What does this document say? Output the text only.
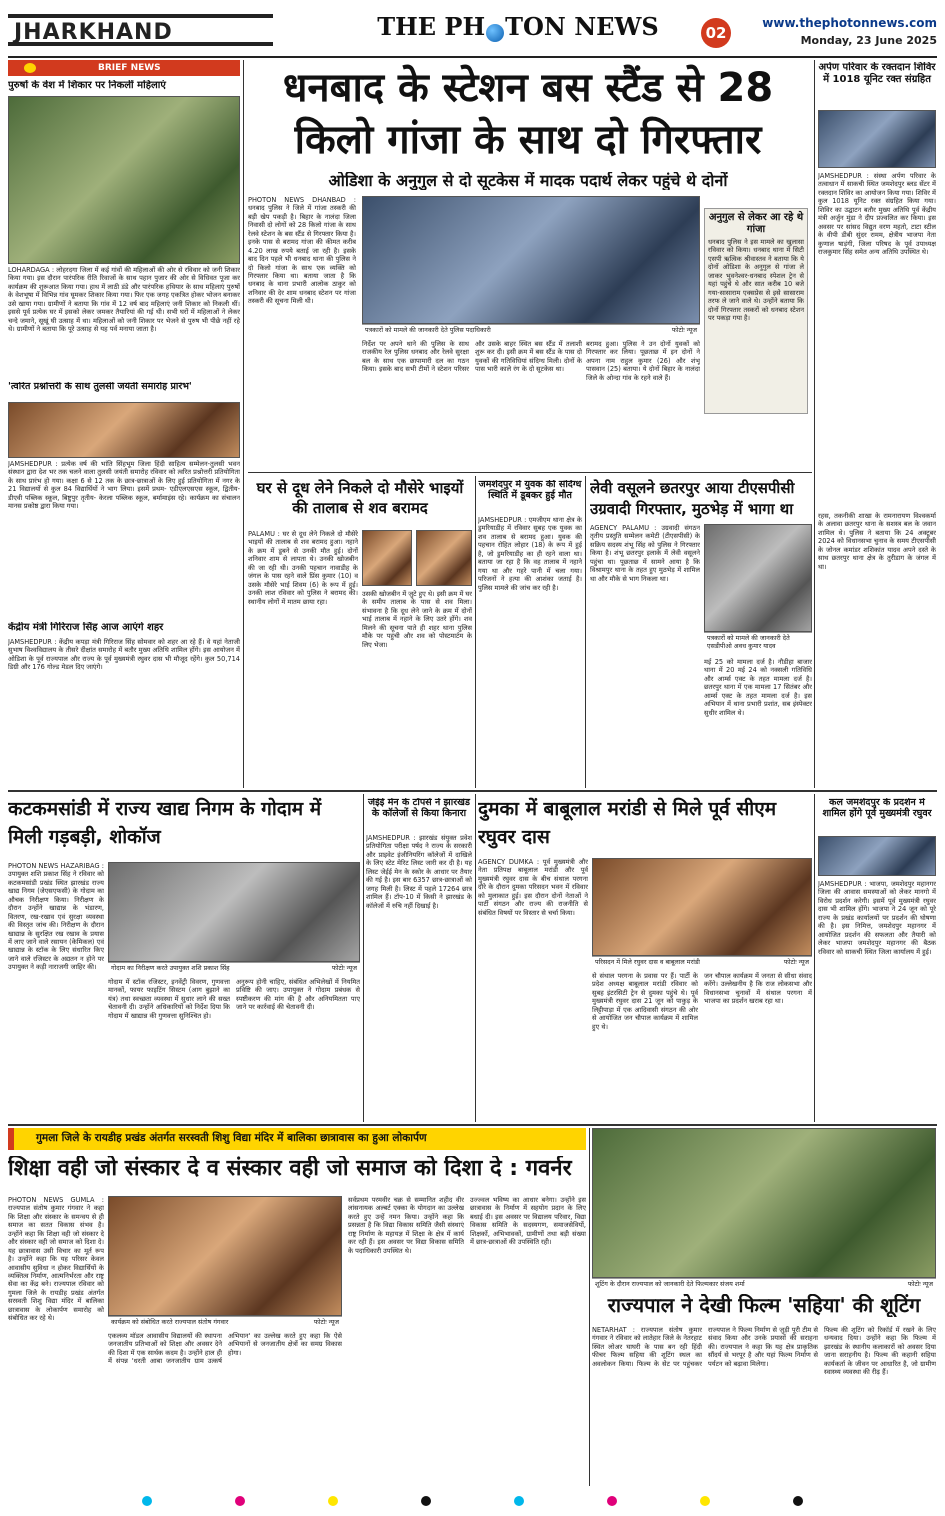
JHARKHAND	THE PH TON NEWS	02
www.thephotonnews.com
Monday, 23 June 2025
BRIEF NEWS
पुरुषों के वेश में शिकार पर निकलीं महिलाएं
LOHARDAGA : लोहरदगा जिला में कई गांवों की महिलाओं की ओर से रविवार को जनी शिकार किया गया। इस दौरान पारंपरिक रीति रिवाजों के साथ पहान पुजार की ओर से विधिवत पूजा कर कार्यक्रम की शुरूआत किया गया। हाथ में लाठी डंडे और पारंपरिक हथियार के साथ महिलाएं पुरुषों के वेशभूषा में विभिन्न गांव घूमकर शिकार किया गया। फिर एक जगह एकत्रित होकर भोजन बनाकर उसे खाया गया। ग्रामीणों ने बताया कि गांव में 12 वर्ष बाद महिलाएं जनी शिकार को निकली थीं। इससे पूर्व प्रत्येक घर में इसको लेकर जमकर तैयारियां की गई थी। सभी घरों में महिलाओं ने लेकर चन्दे जमाने, सूखूं घी उत्साह में था। महिलाओं को जनी शिकार पर भेजने से पुरुष भी पीछे नहीं रहे थे। ग्रामीणों ने बताया कि पूरे उत्साह से यह पर्व मनाया जाता है।
'त्वरित प्रश्नोत्तरी के साथ तुलसी जयंती समारोह प्रारंभ'
JAMSHEDPUR : प्रत्येक वर्ष की भांति सिंहभूम जिला हिंदी साहित्य सम्मेलन-तुलसी भवन संस्थान द्वारा देश भर तक चलने वाला तुलसी जयंती समारोह रविवार को त्वरित प्रश्नोत्तरी प्रतियोगिता के साथ प्रारंभ हो गया। कक्षा 6 से 12 तक के छात्र-छात्राओं के लिए हुई प्रतियोगिता में नगर के 21 विद्यालयों से कुल 84 विद्यार्थियों ने भाग लिया। इसमें प्रथम- एडीएलएसएस स्कूल, द्वितीय- डीएवी पब्लिक स्कूल, बिष्टुपुर तृतीय- केरला पब्लिक स्कूल, बर्मामाइंस रहे। कार्यक्रम का संचालन मानस प्रकोष्ठ द्वारा किया गया।
केंद्रीय मंत्री गिरिराज सिंह आज आएंगे शहर
JAMSHEDPUR : केंद्रीय कपड़ा मंत्री गिरिराज सिंह सोमवार को शहर आ रहे हैं। वे यहां नेताजी सुभाष विश्वविद्यालय के तीसरे दीक्षांत समारोह में बतौर मुख्य अतिथि शामिल होंगे। इस आयोजन में ओडिशा के पूर्व राज्यपाल और राज्य के पूर्व मुख्यमंत्री रघुवर दास भी मौजूद रहेंगे। कुल 50,714 डिग्री और 176 गोल्ड मेडल दिए जाएंगे।
धनबाद के स्टेशन बस स्टैंड से 28 किलो गांजा के साथ दो गिरफ्तार
ओडिशा के अनुगुल से दो सूटकेस में मादक पदार्थ लेकर पहुंचे थे दोनों
PHOTON NEWS DHANBAD : धनबाद पुलिस ने जिले में गांजा तस्करी की बड़ी खेप पकड़ी है। बिहार के नालंदा जिला निवासी दो लोगों को 28 किलो गांजा के साथ रेलवे स्टेशन के बस स्टैंड से गिरफ्तार किया है। इनके पास से बरामद गांजा की कीमत करीब 4.20 लाख रुपये बताई जा रही है। इसके बाद दिन पहले भी धनबाद थाना की पुलिस ने दो किलो गांजा के साथ एक व्यक्ति को गिरफ्तार किया था। बताया जाता है कि धनबाद के थाना प्रभारी आलोक ठाकुर को शनिवार की देर शाम धनबाद स्टेशन पर गांजा तस्करी की सूचना मिली थी।
पत्रकारों को मामले की जानकारी देते पुलिस पदाधिकारी	फोटोः न्यूज
निर्देश पर अपने थाने की पुलिस के साथ राजकीय रेल पुलिस धनबाद और रेलवे सुरक्षा बल के साथ एक छापामारी दल का गठन किया। इसके बाद सभी टीमों ने स्टेशन परिसर और उसके बाहर स्थित बस स्टैंड में तलाशी शुरू कर दी। इसी क्रम में बस स्टैंड के पास दो युवकों की गतिविधियां संदिग्ध मिली। दोनों के पास भारी काले रंग के दो सूटकेस था।
बरामद हुआ। पुलिस ने उन दोनों युवकों को गिरफ्तार कर लिया। पूछताछ में इन दोनों ने अपना नाम राहुल कुमार (26) और शंभू पासवान (25) बताया। ये दोनों बिहार के नालंदा जिले के ओन्दा गांव के रहने वाले हैं।
अनुगुल से लेकर आ रहे थे गांजा
धनबाद पुलिस ने इस मामले का खुलासा रविवार को किया। धनबाद थाना में सिटी एसपी ऋत्विक श्रीवास्तव ने बताया कि ये दोनों ओडिशा के अनुगुल से गांजा ले जाकर भुवनेश्वर-धनबाद स्पेशल ट्रेन से यहां पहुंचे थे और सात करीब 10 बजे गया-सासाराम एक्सप्रेस से इसे सासाराम तरफ ले जाने वाले थे। उन्होंने बताया कि दोनों गिरफ्तार तस्करों को धनबाद स्टेशन पर पकड़ा गया है।
घर से दूध लेने निकले दो मौसेरे भाइयों की तालाब से शव बरामद
PALAMU : घर से दूध लेने निकले दो मौसेरे भाइयों की तालाब से शव बरामद हुआ। नहाने के क्रम में डूबने से उनकी मौत हुई। दोनों शनिवार शाम से लापता थे। उनकी खोजबीन की जा रही थी। उनकी पहचान नावाडीह के जंगल के पास रहने वाले प्रिंस कुमार (10) व उसके मौसेरे भाई शिवम (6) के रूप में हुई। उनकी लाश रविवार को पुलिस ने बरामद की। स्थानीय लोगों में मातम छाया रहा।
उसकी खोजबीन में जुटे हुए थे। इसी क्रम में घर के समीप तालाब के पास से शव मिला। संभावना है कि दूध लेने जाने के क्रम में दोनों भाई तालाब में नहाने के लिए उतरे होंगे। शव मिलने की सूचना पाते ही शहर थाना पुलिस मौके पर पहुंची और शव को पोस्टमार्टम के लिए भेजा।
जमशेदपुर में युवक की संदिग्ध स्थिति में डूबकर हुई मौत
JAMSHEDPUR : एमजीएम थाना क्षेत्र के डुमरियाडीह में रविवार सुबह एक युवक का शव तालाब से बरामद हुआ। युवक की पहचान रोहित लोहार (18) के रूप में हुई है, जो डुमरियाडीह का ही रहने वाला था। बताया जा रहा है कि वह तालाब में नहाने गया था और गहरे पानी में चला गया। परिजनों ने हत्या की आशंका जताई है। पुलिस मामले की जांच कर रही है।
लेवी वसूलने छतरपुर आया टीएसपीसी उग्रवादी गिरफ्तार, मुठभेड़ में भागा था
AGENCY PALAMU : उग्रवादी संगठन तृतीय प्रस्तुति सम्मेलन कमेटी (टीएसपीसी) के सक्रिय सदस्य शंभू सिंह को पुलिस ने गिरफ्तार किया है। शंभू छतरपुर इलाके में लेवी वसूलने पहुंचा था। पूछताछ में सामने आया है कि विश्रामपुर थाना के तहत हुए मुठभेड़ में शामिल था और मौके से भाग निकला था।
पत्रकारों को मामले की जानकारी देते एसडीपीओ अवध कुमार यादव
मई 25 को मामला दर्ज है। नौडीहा बाजार थाना में 20 मई 24 को नक्सली गतिविधि और आर्म्स एक्ट के तहत मामला दर्ज है। छतरपुर थाना में एक मामला 17 सितंबर और आर्म्स एक्ट के तहत मामला दर्ज है। इस अभियान में थाना प्रभारी प्रशांत, सब इंस्पेक्टर सुधीर शामिल थे।
अर्पण परिवार के रक्तदान शिविर में 1018 यूनिट रक्त संग्रहित
JAMSHEDPUR : संस्था अर्पण परिवार के तत्वाधान में साकची स्थित जमशेदपुर ब्लड सेंटर में रक्तदान शिविर का आयोजन किया गया। शिविर में कुल 1018 यूनिट रक्त संग्रहित किया गया। शिविर का उद्घाटन बतौर मुख्य अतिथि पूर्व केंद्रीय मंत्री अर्जुन मुंडा ने दीप प्रज्वलित कर किया। इस अवसर पर सांसद विद्युत वरण महतो, टाटा स्टील के वीपी डीबी सुंदर रामम, क्षेत्रीय भाजपा नेता कुणाल षाड़ंगी, जिला परिषद के पूर्व उपाध्यक्ष राजकुमार सिंह समेत अन्य अतिथि उपस्थित थे।
रहस, तकनीकी शाखा के रामनारायण विश्वकर्मा के अलावा छतरपुर थाना के सशस्त्र बल के जवान शामिल थे। पुलिस ने बताया कि 24 अक्टूबर 2024 को विधानसभा चुनाव के समय टीएसपीसी के जोनल कमांडर शशिकांत यादव अपने दस्ते के साथ छतरपुर थाना क्षेत्र के तुरीडाग के जंगल में था।
कटकमसांडी में राज्य खाद्य निगम के गोदाम में मिली गड़बड़ी, शोकॉज
PHOTON NEWS HAZARIBAG : उपायुक्त शशि प्रकाश सिंह ने रविवार को कटकमसांडी प्रखंड स्थित झारखंड राज्य खाद्य निगम (जेएसएफसी) के गोदाम का औचक निरीक्षण किया। निरीक्षण के दौरान उन्होंने खाद्यान्न के भंडारण, वितरण, रख-रखाव एवं सुरक्षा व्यवस्था की विस्तृत जांच की। निरीक्षण के दौरान खाद्यान्न के सुरक्षित रख रखाव के प्रयास में लाए जाने वाले रसायन (केमिकल) एवं खाद्यान्न के स्टॉक के लिए संधारित किए जाने वाले रजिस्टर के अद्यतन न होने पर उपायुक्त ने कड़ी नाराजगी जाहिर की।	गोदाम का निरीक्षण करते उपायुक्त शशि प्रकाश सिंह	फोटोः न्यूज
गोदाम में स्टॉक रजिस्टर, इनवेंट्री विवरण, गुणवत्ता मानकों, फायर फाइटिंग सिस्टम (आग बुझाने का यंत्र) तथा स्वच्छता व्यवस्था में सुधार लाने की सख्त चेतावनी दी। उन्होंने अधिकारियों को निर्देश दिया कि गोदाम में खाद्यान्न की गुणवत्ता सुनिश्चित हो।
अनुरूप होनी चाहिए, संबंधित अभिलेखों में नियमित प्रविष्टि की जाए। उपायुक्त ने गोदाम प्रबंधक से स्पष्टीकरण की मांग की है और अनियमितता पाए जाने पर कार्रवाई की चेतावनी दी।
जेईई मेन के टॉपर्स ने झारखंड के कॉलेजों से किया किनारा
JAMSHEDPUR : झारखंड संयुक्त प्रवेश प्रतियोगिता परीक्षा पर्षद ने राज्य के सरकारी और प्राइवेट इंजीनियरिंग कॉलेजों में दाखिले के लिए स्टेट मेरिट लिस्ट जारी कर दी है। यह लिस्ट जेईई मेन के स्कोर के आधार पर तैयार की गई है। इस बार 6357 छात्र-छात्राओं को जगह मिली है। लिस्ट में पहले 17264 छात्र शामिल हैं। टॉप-10 में किसी ने झारखंड के कॉलेजों में रुचि नहीं दिखाई है।
दुमका में बाबूलाल मरांडी से मिले पूर्व सीएम रघुवर दास
AGENCY DUMKA : पूर्व मुख्यमंत्री और नेता प्रतिपक्ष बाबूलाल मरांडी और पूर्व मुख्यमंत्री रघुवर दास के बीच संथाल परगना दौरे के दौरान दुमका परिसदन भवन में रविवार को मुलाकात हुई। इस दौरान दोनों नेताओं ने पार्टी संगठन और राज्य की राजनीति से संबंधित विषयों पर विस्तार से चर्चा किया।
परिसदन में मिले रघुवर दास व बाबूलाल मरांडी	फोटोः न्यूज
से संथाल परगना के प्रवास पर हैं। पार्टी के प्रदेश अध्यक्ष बाबूलाल मरांडी रविवार को सुबह इंटरसिटी ट्रेन से दुमका पहुंचे थे। पूर्व मुख्यमंत्री रघुवर दास 21 जून को पाकुड़ के लिट्टीपाड़ा में एक आदिवासी संगठन की ओर से आयोजित जन चौपाल कार्यक्रम में शामिल हुए थे।
जन चौपाल कार्यक्रम में जनता से सीधा संवाद करेंगे। उल्लेखनीय है कि राज लोकसभा और विधानसभा चुनावों में संथाल परगना में भाजपा का प्रदर्शन खराब रहा था।
कल जमशेदपुर के प्रदर्शन में शामिल होंगे पूर्व मुख्यमंत्री रघुवर
JAMSHEDPUR : भाजपा, जमशेदपुर महानगर जिला की आवास समस्याओं को लेकर मानगो में विरोध प्रदर्शन करेगी। इसमें पूर्व मुख्यमंत्री रघुवर दास भी शामिल होंगे। भाजपा ने 24 जून को पूरे राज्य के प्रखंड कार्यालयों पर प्रदर्शन की घोषणा की है। इस निमित्त, जमशेदपुर महानगर में आयोजित प्रदर्शन की सफलता और तैयारी को लेकर भाजपा जमशेदपुर महानगर की बैठक रविवार को साकची स्थित जिला कार्यालय में हुई।
गुमला जिले के रायडीह प्रखंड अंतर्गत सरस्वती शिशु विद्या मंदिर में बालिका छात्रावास का हुआ लोकार्पण
शिक्षा वही जो संस्कार दे व संस्कार वही जो समाज को दिशा दे : गवर्नर
PHOTON NEWS GUMLA : राज्यपाल संतोष कुमार गंगवार ने कहा कि शिक्षा और संस्कार के समन्वय से ही समाज का सतत विकास संभव है। उन्होंने कहा कि शिक्षा वही जो संस्कार दे और संस्कार वही जो समाज को दिशा दे। यह छात्रावास उसी विचार का मूर्त रूप है। उन्होंने कहा कि यह परिसर केवल आवासीय सुविधा न होकर विद्यार्थियों के व्यक्तित्व निर्माण, आत्मनिर्भरता और राष्ट्र सेवा का केंद्र बने। राज्यपाल रविवार को गुमला जिले के रायडीह प्रखंड अंतर्गत सरस्वती शिशु विद्या मंदिर में बालिका छात्रावास के लोकार्पण समारोह को संबोधित कर रहे थे।	कार्यक्रम को संबोधित करते राज्यपाल संतोष गंगवार	फोटोः न्यूज
एकलव्य मॉडल आवासीय विद्यालयों की स्थापना जनजातीय प्रतिभाओं को शिक्षा और अवसर देने की दिशा में एक सार्थक कदम है। उन्होंने हाल ही में संपन्न 'धरती आबा जनजातीय ग्राम उत्कर्ष अभियान' का उल्लेख करते हुए कहा कि ऐसे अभियानों से जनजातीय क्षेत्रों का समग्र विकास होगा।
सर्वप्रथम परमवीर चक्र से सम्मानित शहीद वीर लांसनायक अल्बर्ट एक्का के योगदान का उल्लेख करते हुए उन्हें नमन किया। उन्होंने कहा कि प्रसन्नता है कि विद्या विकास समिति जैसी संस्थाएं राष्ट्र निर्माण के महायज्ञ में शिक्षा के क्षेत्र में कार्य कर रही हैं। इस अवसर पर विद्या विकास समिति के पदाधिकारी उपस्थित थे।
उज्ज्वल भविष्य का आधार बनेगा। उन्होंने इस छात्रावास के निर्माण में सहयोग प्रदान के लिए बधाई दी। इस अवसर पर विद्यालय परिवार, विद्या विकास समिति के सदस्यगण, समाजसेवियों, शिक्षकों, अभिभावकों, ग्रामीणों तथा बड़ी संख्या में छात्र-छात्राओं की उपस्थिति रही।
शूटिंग के दौरान राज्यपाल को जानकारी देते फिल्मकार संजय शर्मा	फोटोः न्यूज
राज्यपाल ने देखी फिल्म 'सहिया' की शूटिंग
NETARHAT : राज्यपाल संतोष कुमार गंगवार ने रविवार को लातेहार जिले के नेतरहाट स्थित लोअर घाघरी के पास बन रही हिंदी फीचर फिल्म सहिया की शूटिंग स्थल का अवलोकन किया। फिल्म के सेट पर पहुंचकर राज्यपाल ने फिल्म निर्माण से जुड़ी पूरी टीम से संवाद किया और उनके प्रयासों की सराहना की। राज्यपाल ने कहा कि यह क्षेत्र प्राकृतिक सौंदर्य से भरपूर है और यहां फिल्म निर्माण से पर्यटन को बढ़ावा मिलेगा।
फिल्म की शूटिंग को रिकॉर्ड में रखने के लिए धन्यवाद दिया। उन्होंने कहा कि फिल्म में झारखंड के स्थानीय कलाकारों को अवसर दिया जाना सराहनीय है। फिल्म की कहानी सहिया कार्यकर्ता के जीवन पर आधारित है, जो ग्रामीण स्वास्थ्य व्यवस्था की रीढ़ हैं।
